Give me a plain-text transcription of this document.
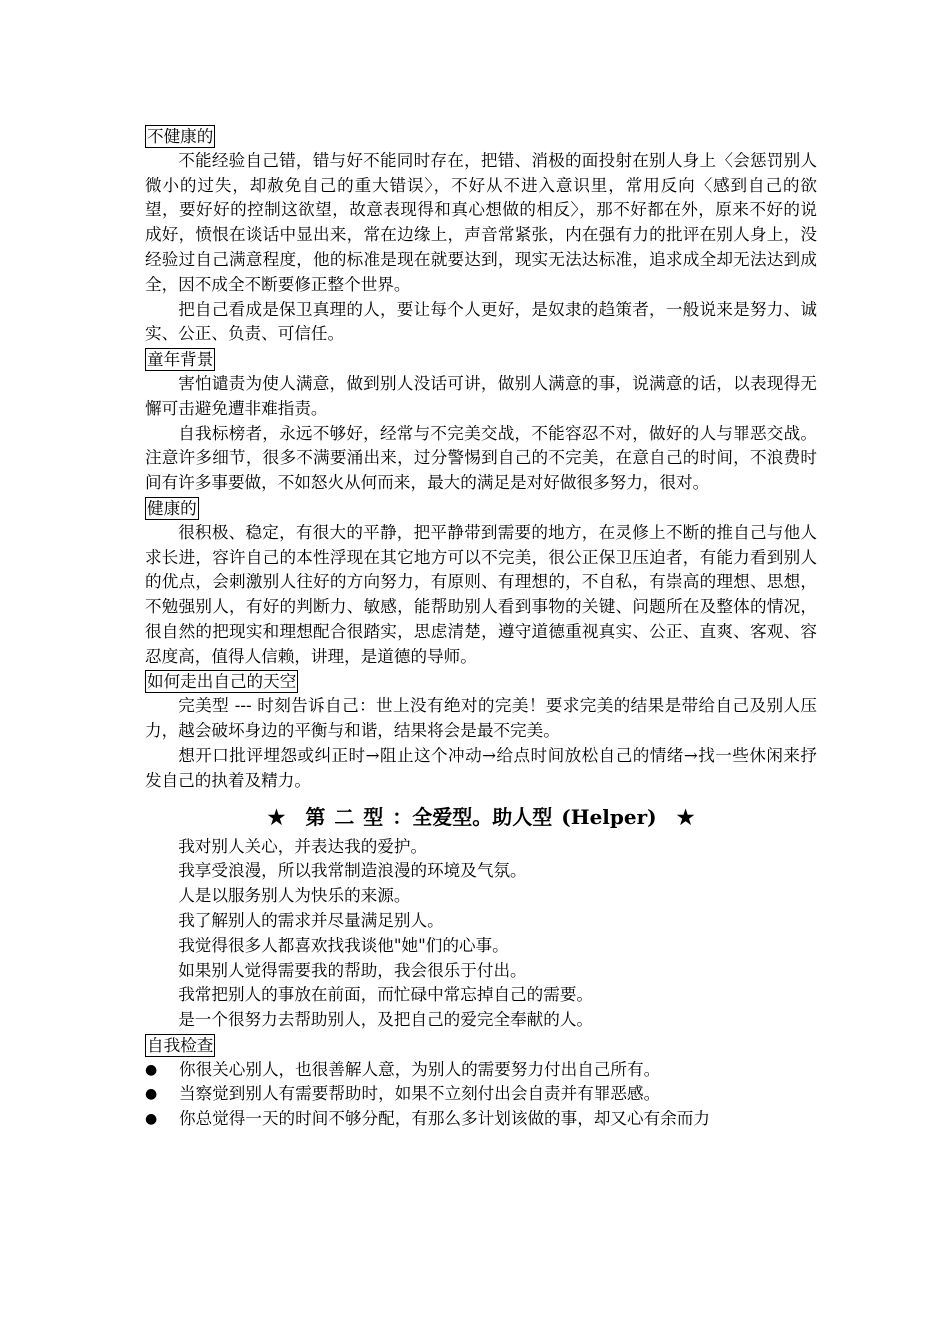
不健康的

不能经验自己错，错与好不能同时存在，把错、消极的面投射在别人身上〈会惩罚别人微小的过失，却赦免自己的重大错误〉，不好从不进入意识里，常用反向〈感到自己的欲望，要好好的控制这欲望，故意表现得和真心想做的相反〉，那不好都在外，原来不好的说成好，愤恨在谈话中显出来，常在边缘上，声音常紧张，内在强有力的批评在别人身上，没经验过自己满意程度，他的标准是现在就要达到，现实无法达标准，追求成全却无法达到成全，因不成全不断要修正整个世界。

把自己看成是保卫真理的人，要让每个人更好，是奴隶的趋策者，一般说来是努力、诚实、公正、负责、可信任。

童年背景

害怕谴责为使人满意，做到别人没话可讲，做别人满意的事，说满意的话，以表现得无懈可击避免遭非难指责。

自我标榜者，永远不够好，经常与不完美交战，不能容忍不对，做好的人与罪恶交战。注意许多细节，很多不满要涌出来，过分警惕到自己的不完美，在意自己的时间，不浪费时间有许多事要做，不如怒火从何而来，最大的满足是对好做很多努力，很对。

健康的

很积极、稳定，有很大的平静，把平静带到需要的地方，在灵修上不断的推自己与他人求长进，容许自己的本性浮现在其它地方可以不完美，很公正保卫压迫者，有能力看到别人的优点，会刺激别人往好的方向努力，有原则、有理想的，不自私，有崇高的理想、思想，不勉强别人，有好的判断力、敏感，能帮助别人看到事物的关键、问题所在及整体的情况，很自然的把现实和理想配合很踏实，思虑清楚，遵守道德重视真实、公正、直爽、客观、容忍度高，值得人信赖，讲理，是道德的导师。

如何走出自己的天空

完美型 --- 时刻告诉自己：世上没有绝对的完美！要求完美的结果是带给自己及别人压力，越会破坏身边的平衡与和谐，结果将会是最不完美。

想开口批评埋怨或纠正时→阻止这个冲动→给点时间放松自己的情绪→找一些休闲来抒发自己的执着及精力。

★ 第 二 型 ：全爱型。助人型 (Helper) ★
我对别人关心，并表达我的爱护。
我享受浪漫，所以我常制造浪漫的环境及气氛。
人是以服务别人为快乐的来源。
我了解别人的需求并尽量满足别人。
我觉得很多人都喜欢找我谈他"她"们的心事。
如果别人觉得需要我的帮助，我会很乐于付出。
我常把别人的事放在前面，而忙碌中常忘掉自己的需要。
是一个很努力去帮助别人，及把自己的爱完全奉献的人。
自我检查
●	你很关心别人，也很善解人意，为别人的需要努力付出自己所有。
●	当察觉到别人有需要帮助时，如果不立刻付出会自责并有罪恶感。
●	你总觉得一天的时间不够分配，有那么多计划该做的事，却又心有余而力
